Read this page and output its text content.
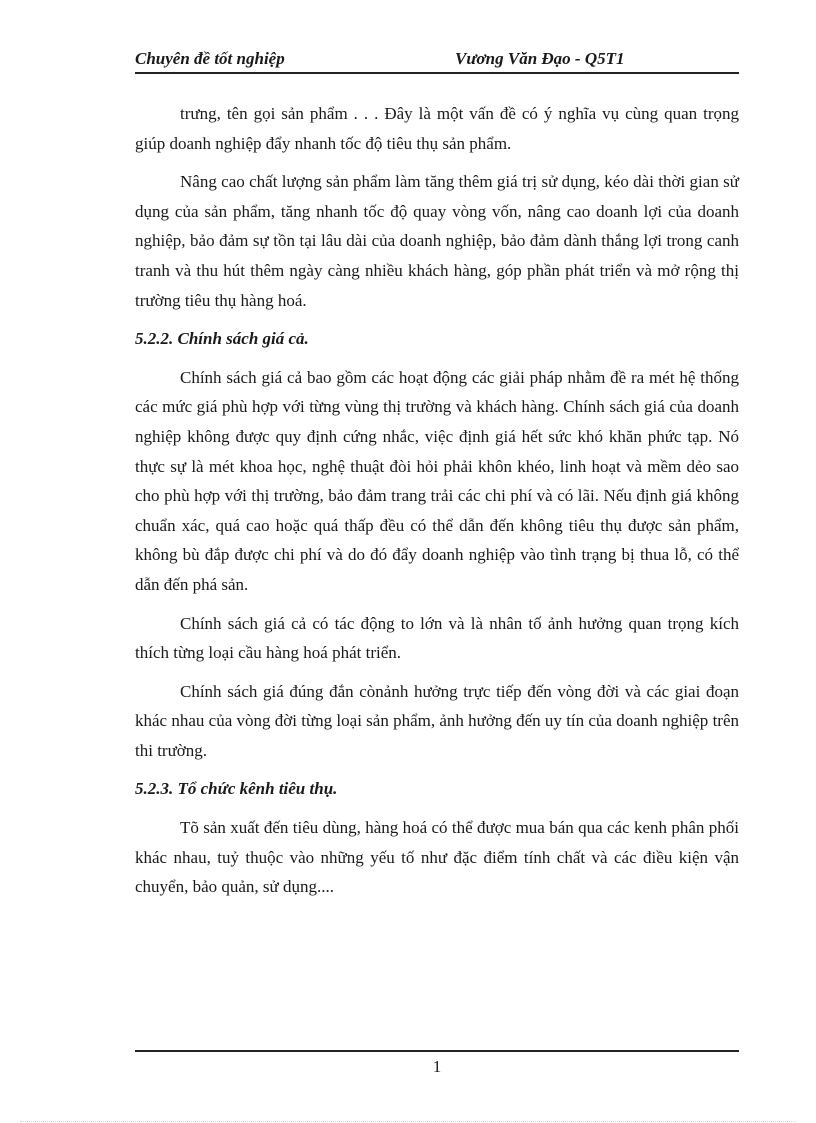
Chuyên đề tốt nghiệp	Vương Văn Đạo - Q5T1

trưng, tên gọi sản phẩm . . . Đây là một vấn đề có ý nghĩa vụ cùng quan trọng giúp doanh nghiệp đẩy nhanh tốc độ tiêu thụ sản phẩm.

Nâng cao chất lượng sản phẩm làm tăng thêm giá trị sử dụng, kéo dài thời gian sử dụng của sản phẩm, tăng nhanh tốc độ quay vòng vốn, nâng cao doanh lợi của doanh nghiệp, bảo đảm sự tồn tại lâu dài của doanh nghiệp, bảo đảm dành thắng lợi trong canh tranh và thu hút thêm ngày càng nhiều khách hàng, góp phần phát triển và mở rộng thị trường tiêu thụ hàng hoá.

5.2.2. Chính sách giá cả.

Chính sách giá cả bao gồm các hoạt động các giải pháp nhằm đề ra mét hệ thống các mức giá phù hợp với từng vùng thị trường và khách hàng. Chính sách giá của doanh nghiệp không được quy định cứng nhắc, việc định giá hết sức khó khăn phức tạp. Nó thực sự là mét khoa học, nghệ thuật đòi hỏi phải khôn khéo, linh hoạt và mềm dẻo sao cho phù hợp với thị trường, bảo đảm trang trải các chi phí và có lãi. Nếu định giá không chuẩn xác, quá cao hoặc quá thấp đều có thể dẫn đến không tiêu thụ được sản phẩm, không bù đắp được chi phí và do đó đẩy doanh nghiệp vào tình trạng bị thua lỗ, có thể dẫn đến phá sản.

Chính sách giá cả có tác động to lớn và là nhân tố ảnh hưởng quan trọng kích thích từng loại cầu hàng hoá phát triển.

Chính sách giá đúng đắn cònảnh hưởng trực tiếp đến vòng đời và các giai đoạn khác nhau của vòng đời từng loại sản phẩm, ảnh hưởng đến uy tín của doanh nghiệp trên thi trường.

5.2.3. Tổ chức kênh tiêu thụ.

Tõ sản xuất đến tiêu dùng, hàng hoá có thể được mua bán qua các kenh phân phối khác nhau, tuỷ thuộc vào những yếu tố như đặc điểm tính chất và các điều kiện vận chuyển, bảo quản, sử dụng....

1
